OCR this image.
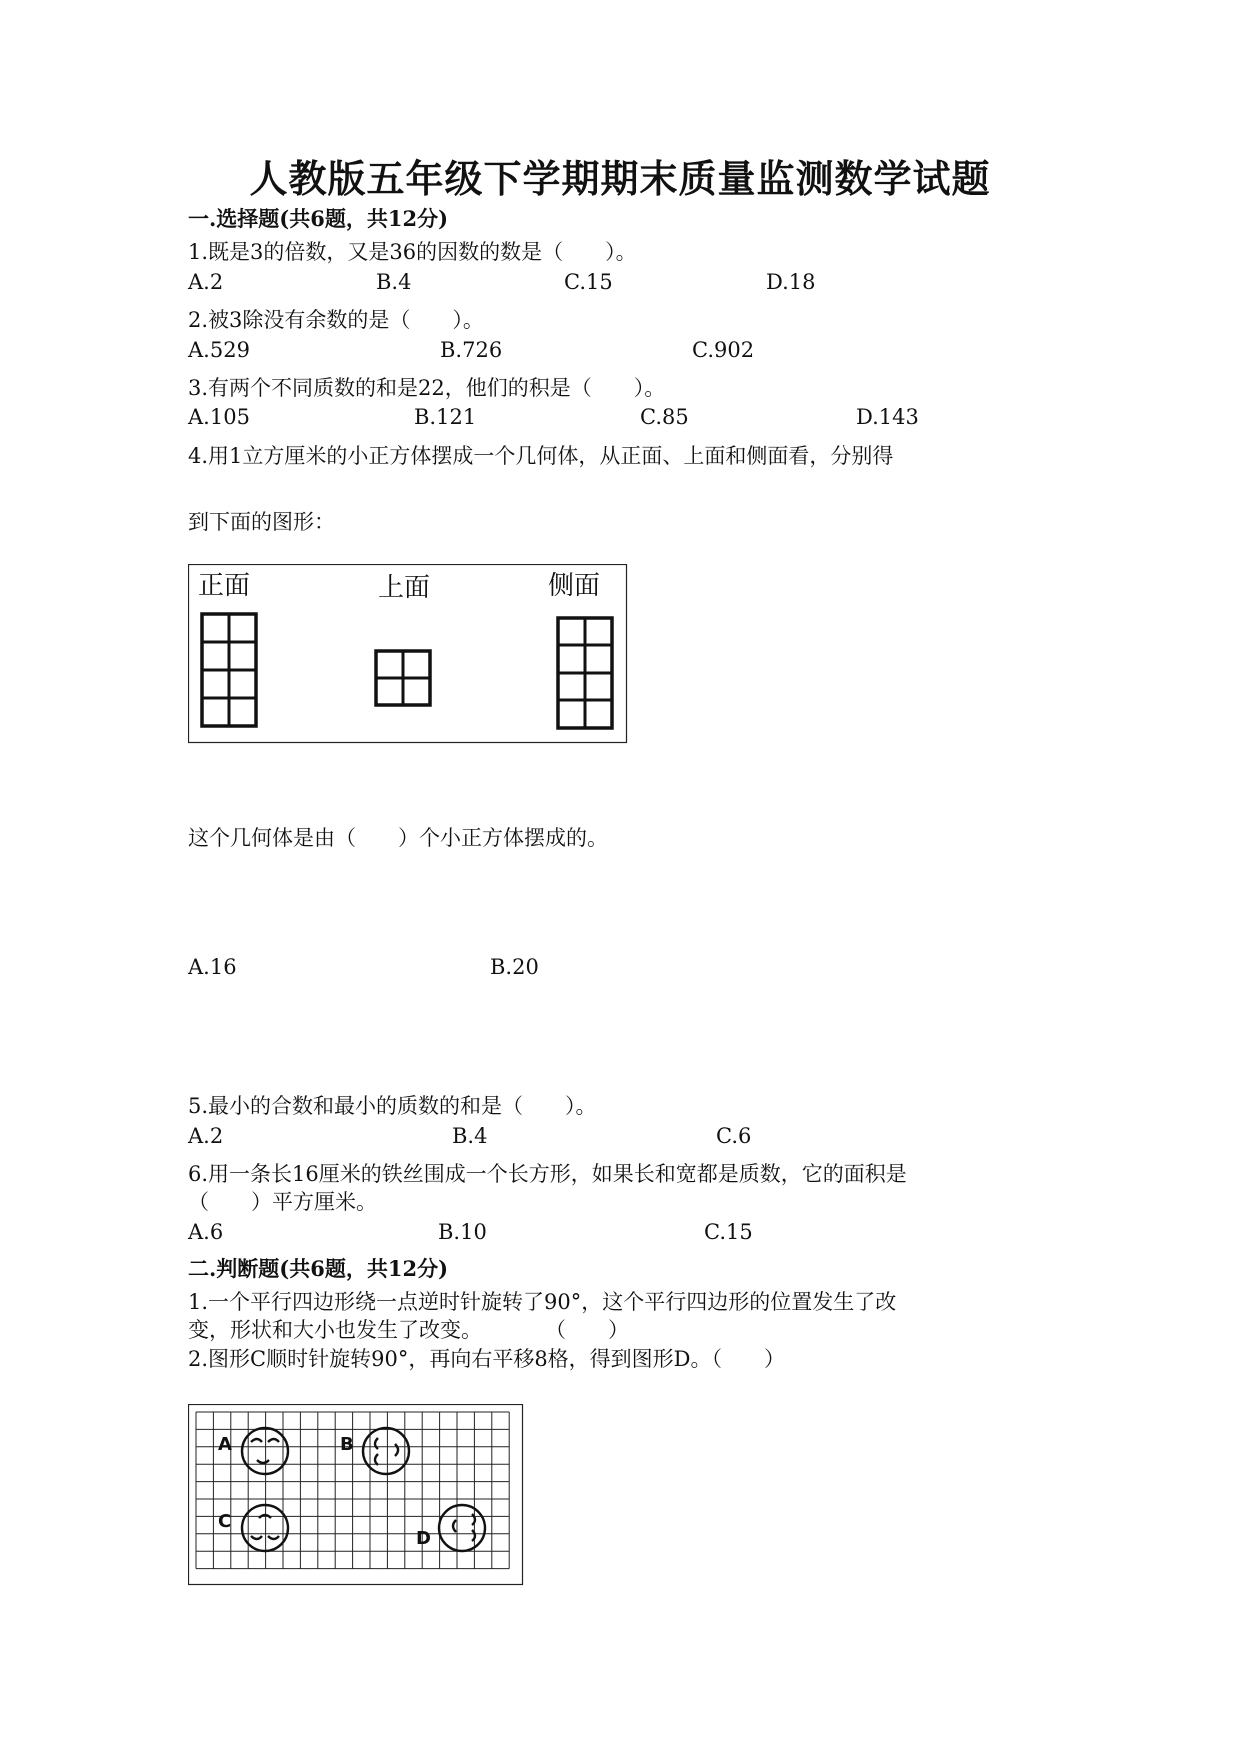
人教版五年级下学期期末质量监测数学试题
一.选择题(共6题，共12分)
1.既是3的倍数，又是36的因数的数是（　　）。
A.2	B.4	C.15	D.18
2.被3除没有余数的是（　　）。
A.529	B.726	C.902
3.有两个不同质数的和是22，他们的积是（　　）。
A.105	B.121	C.85	D.143
4.用1立方厘米的小正方体摆成一个几何体，从正面、上面和侧面看，分别得
到下面的图形：
正面	上面	侧面
这个几何体是由（　　）个小正方体摆成的。
A.16	B.20
5.最小的合数和最小的质数的和是（　　）。
A.2	B.4	C.6
6.用一条长16厘米的铁丝围成一个长方形，如果长和宽都是质数，它的面积是
（　　）平方厘米。
A.6	B.10	C.15
二.判断题(共6题，共12分)
1.一个平行四边形绕一点逆时针旋转了90°，这个平行四边形的位置发生了改
变，形状和大小也发生了改变。　　　　（　　）
2.图形C顺时针旋转90°，再向右平移8格，得到图形D。（　　）
A	B
C
D
